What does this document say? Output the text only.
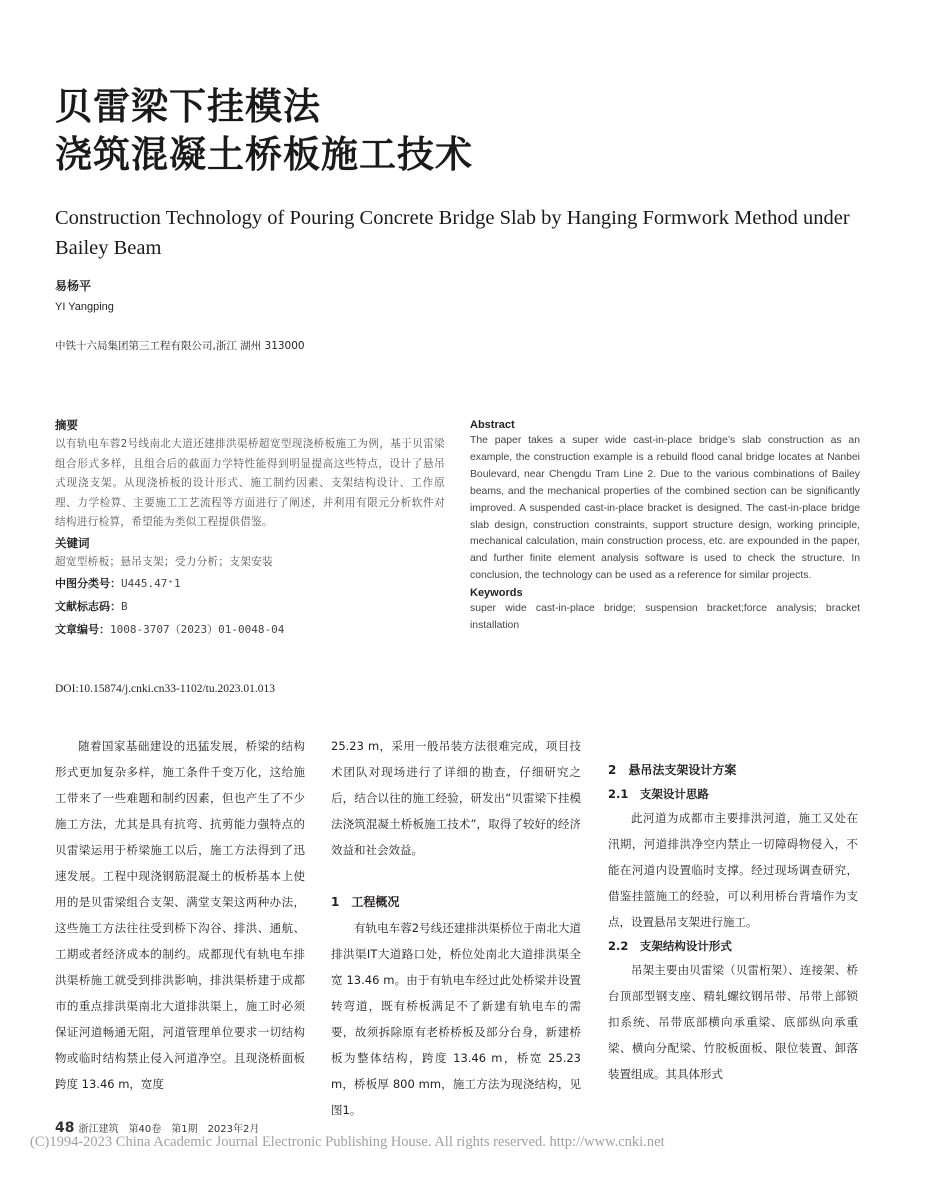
贝雷梁下挂模法
浇筑混凝土桥板施工技术
Construction Technology of Pouring Concrete Bridge Slab by Hanging Formwork Method under Bailey Beam
易杨平
YI Yangping
中铁十六局集团第三工程有限公司,浙江 湖州 313000
摘要

以有轨电车蓉2号线南北大道还建排洪渠桥超宽型现浇桥板施工为例，基于贝雷梁组合形式多样，且组合后的截面力学特性能得到明显提高这些特点，设计了悬吊式现浇支架。从现浇桥板的设计形式、施工制约因素、支架结构设计、工作原理、力学检算、主要施工工艺流程等方面进行了阐述，并利用有限元分析软件对结构进行检算，希望能为类似工程提供借鉴。

关键词

超宽型桥板；悬吊支架；受力分析；支架安装

中图分类号：U445.47⁺1
文献标志码：B
文章编号：1008-3707（2023）01-0048-04
Abstract

The paper takes a super wide cast-in-place bridge’s slab construction as an example, the construction example is a rebuild flood canal bridge locates at Nanbei Boulevard, near Chengdu Tram Line 2. Due to the various combinations of Bailey beams, and the mechanical properties of the combined section can be significantly improved. A suspended cast-in-place bracket is designed. The cast-in-place bridge slab design, construction constraints, support structure design, working principle, mechanical calculation, main construction process, etc. are expounded in the paper, and further finite element analysis software is used to check the structure. In conclusion, the technology can be used as a reference for similar projects.

Keywords

super wide cast-in-place bridge; suspension bracket;force analysis; bracket installation

DOI:10.15874/j.cnki.cn33-1102/tu.2023.01.013

随着国家基础建设的迅猛发展，桥梁的结构形式更加复杂多样，施工条件千变万化，这给施工带来了一些难题和制约因素，但也产生了不少施工方法，尤其是具有抗弯、抗剪能力强特点的贝雷梁运用于桥梁施工以后，施工方法得到了迅速发展。工程中现浇钢筋混凝土的板桥基本上使用的是贝雷梁组合支架、满堂支架这两种办法，这些施工方法往往受到桥下沟谷、排洪、通航、工期或者经济成本的制约。成都现代有轨电车排洪渠桥施工就受到排洪影响，排洪渠桥建于成都市的重点排洪渠南北大道排洪渠上，施工时必须保证河道畅通无阻，河道管理单位要求一切结构物或临时结构禁止侵入河道净空。且现浇桥面板跨度 13.46 m，宽度

25.23 m，采用一般吊装方法很难完成，项目技术团队对现场进行了详细的勘查，仔细研究之后，结合以往的施工经验，研发出“贝雷梁下挂模法浇筑混凝土桥板施工技术”，取得了较好的经济效益和社会效益。

1　工程概况

有轨电车蓉2号线还建排洪渠桥位于南北大道排洪渠IT大道路口处，桥位处南北大道排洪渠全宽 13.46 m。由于有轨电车经过此处桥梁并设置转弯道，既有桥板满足不了新建有轨电车的需要，故须拆除原有老桥桥板及部分台身，新建桥板为整体结构，跨度 13.46 m，桥宽 25.23 m，桥板厚 800 mm，施工方法为现浇结构，见图1。

2　悬吊法支架设计方案
2.1　支架设计思路

此河道为成都市主要排洪河道，施工又处在汛期，河道排洪净空内禁止一切障碍物侵入，不能在河道内设置临时支撑。经过现场调查研究，借鉴挂篮施工的经验，可以利用桥台背墙作为支点，设置悬吊支架进行施工。

2.2　支架结构设计形式

吊架主要由贝雷梁（贝雷桁架）、连接架、桥台顶部型钢支座、精轧螺纹钢吊带、吊带上部锁扣系统、吊带底部横向承重梁、底部纵向承重梁、横向分配梁、竹胶板面板、限位装置、卸落装置组成。其具体形式

48 浙江建筑　第40卷　第1期　2023年2月
(C)1994-2023 China Academic Journal Electronic Publishing House. All rights reserved. http://www.cnki.net
